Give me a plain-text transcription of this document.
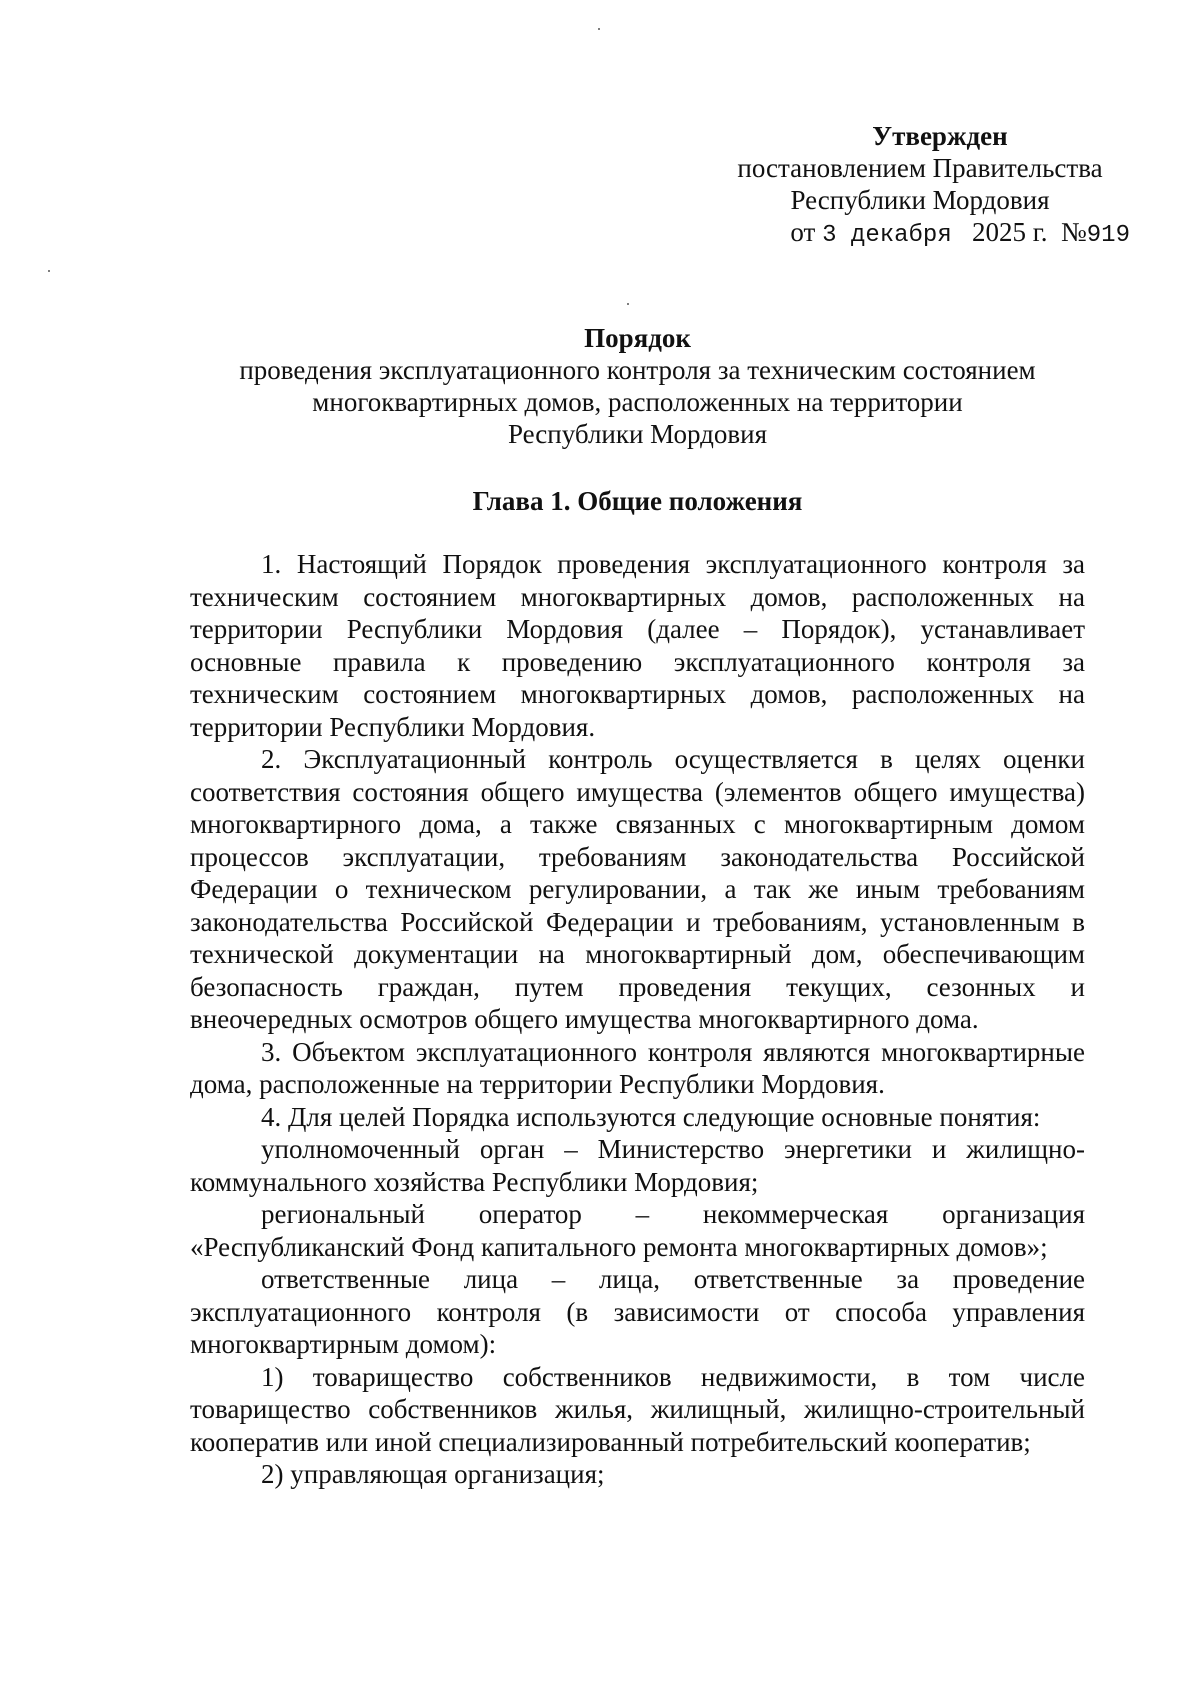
Утвержден
постановлением Правительства
Республики Мордовия
от 3 декабря 2025 г. №919
Порядок
проведения эксплуатационного контроля за техническим состоянием
многоквартирных домов, расположенных на территории
Республики Мордовия
Глава 1. Общие положения

1. Настоящий Порядок проведения эксплуатационного контроля за техническим состоянием многоквартирных домов, расположенных на территории Республики Мордовия (далее – Порядок), устанавливает основные правила к проведению эксплуатационного контроля за техническим состоянием многоквартирных домов, расположенных на территории Республики Мордовия.

2. Эксплуатационный контроль осуществляется в целях оценки соответствия состояния общего имущества (элементов общего имущества) многоквартирного дома, а также связанных с многоквартирным домом процессов эксплуатации, требованиям законодательства Российской Федерации о техническом регулировании, а так же иным требованиям законодательства Российской Федерации и требованиям, установленным в технической документации на многоквартирный дом, обеспечивающим безопасность граждан, путем проведения текущих, сезонных и внеочередных осмотров общего имущества многоквартирного дома.

3. Объектом эксплуатационного контроля являются многоквартирные дома, расположенные на территории Республики Мордовия.

4. Для целей Порядка используются следующие основные понятия:

уполномоченный орган – Министерство энергетики и жилищно-коммунального хозяйства Республики Мордовия;

региональный оператор – некоммерческая организация «Республиканский Фонд капитального ремонта многоквартирных домов»;

ответственные лица – лица, ответственные за проведение эксплуатационного контроля (в зависимости от способа управления многоквартирным домом):

1) товарищество собственников недвижимости, в том числе товарищество собственников жилья, жилищный, жилищно-строительный кооператив или иной специализированный потребительский кооператив;

2) управляющая организация;
